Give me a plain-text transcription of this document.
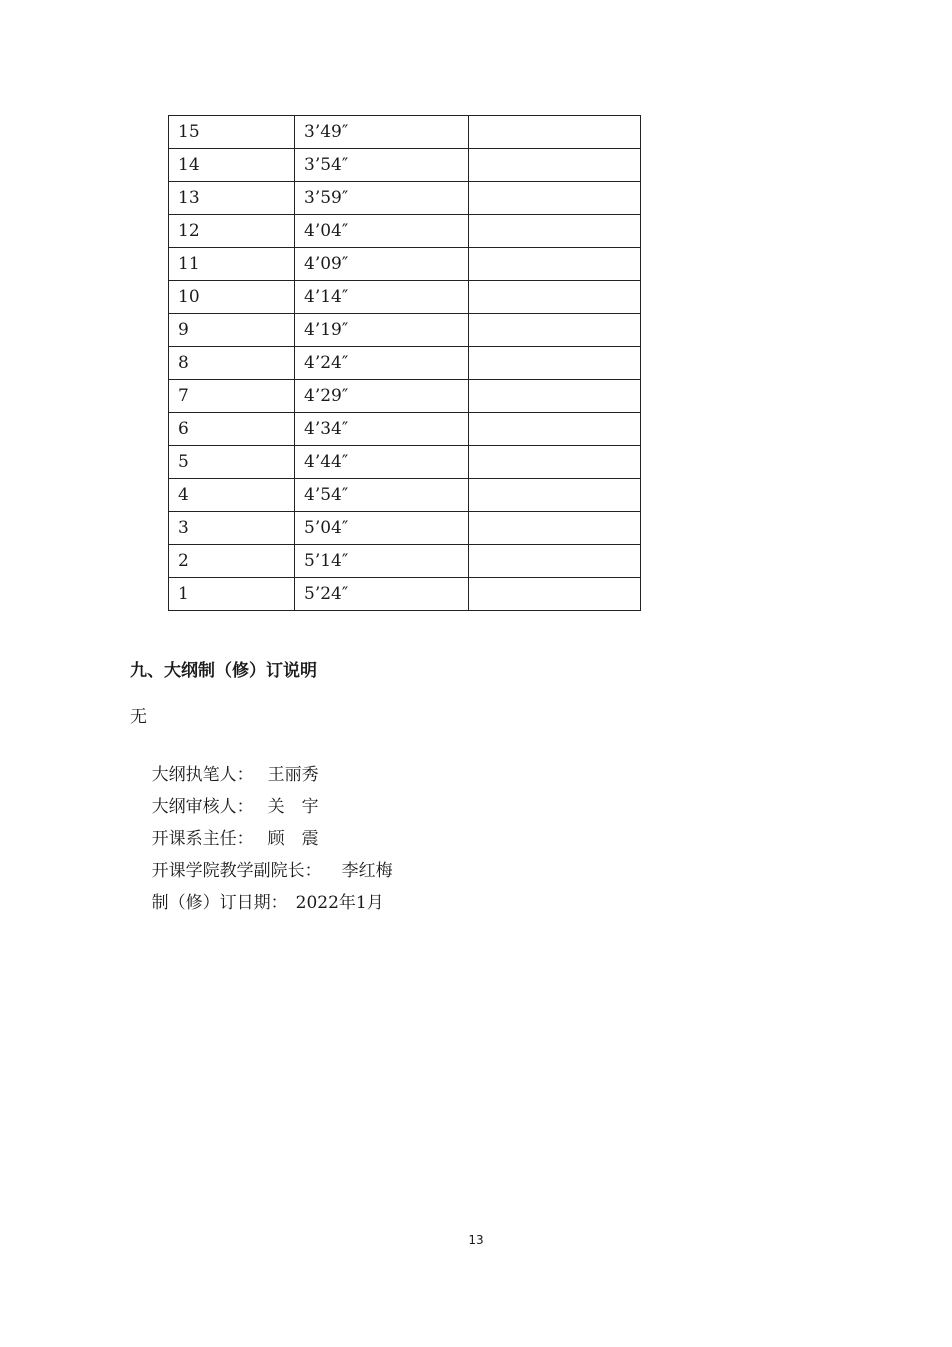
15	3’49″	
14	3’54″	
13	3’59″	
12	4’04″	
11	4’09″	
10	4’14″	
9	4’19″	
8	4’24″	
7	4’29″	
6	4’34″	
5	4’44″	
4	4’54″	
3	5’04″	
2	5’14″	
1	5’24″	
九、大纲制（修）订说明
无

大纲执笔人： 王丽秀

大纲审核人： 关　宇

开课系主任： 顾　震

开课学院教学副院长： 李红梅

制（修）订日期： 2022年1月

13
